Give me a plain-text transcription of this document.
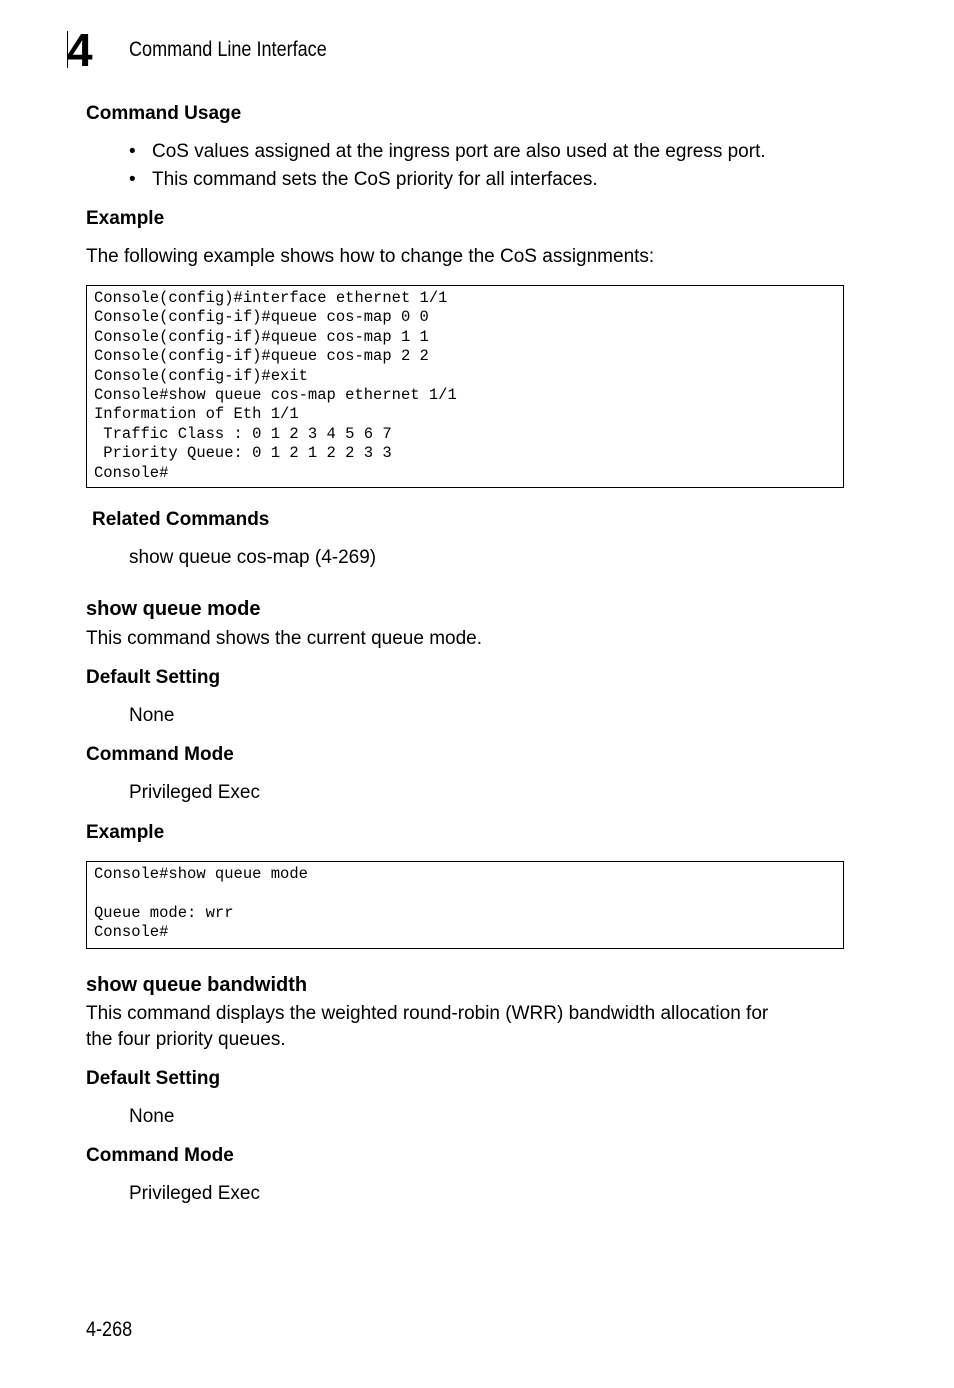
4	Command Line Interface
Command Usage
• CoS values assigned at the ingress port are also used at the egress port.
• This command sets the CoS priority for all interfaces.
Example
The following example shows how to change the CoS assignments:
Console(config)#interface ethernet 1/1
Console(config-if)#queue cos-map 0 0
Console(config-if)#queue cos-map 1 1
Console(config-if)#queue cos-map 2 2
Console(config-if)#exit
Console#show queue cos-map ethernet 1/1
Information of Eth 1/1
Traffic Class : 0 1 2 3 4 5 6 7
Priority Queue: 0 1 2 1 2 2 3 3
Console#
Related Commands
show queue cos-map (4-269)
show queue mode
This command shows the current queue mode.
Default Setting
None
Command Mode
Privileged Exec
Example
Console#show queue mode
Queue mode: wrr
Console#
show queue bandwidth
This command displays the weighted round-robin (WRR) bandwidth allocation for
the four priority queues.
Default Setting
None
Command Mode
Privileged Exec
4-268
